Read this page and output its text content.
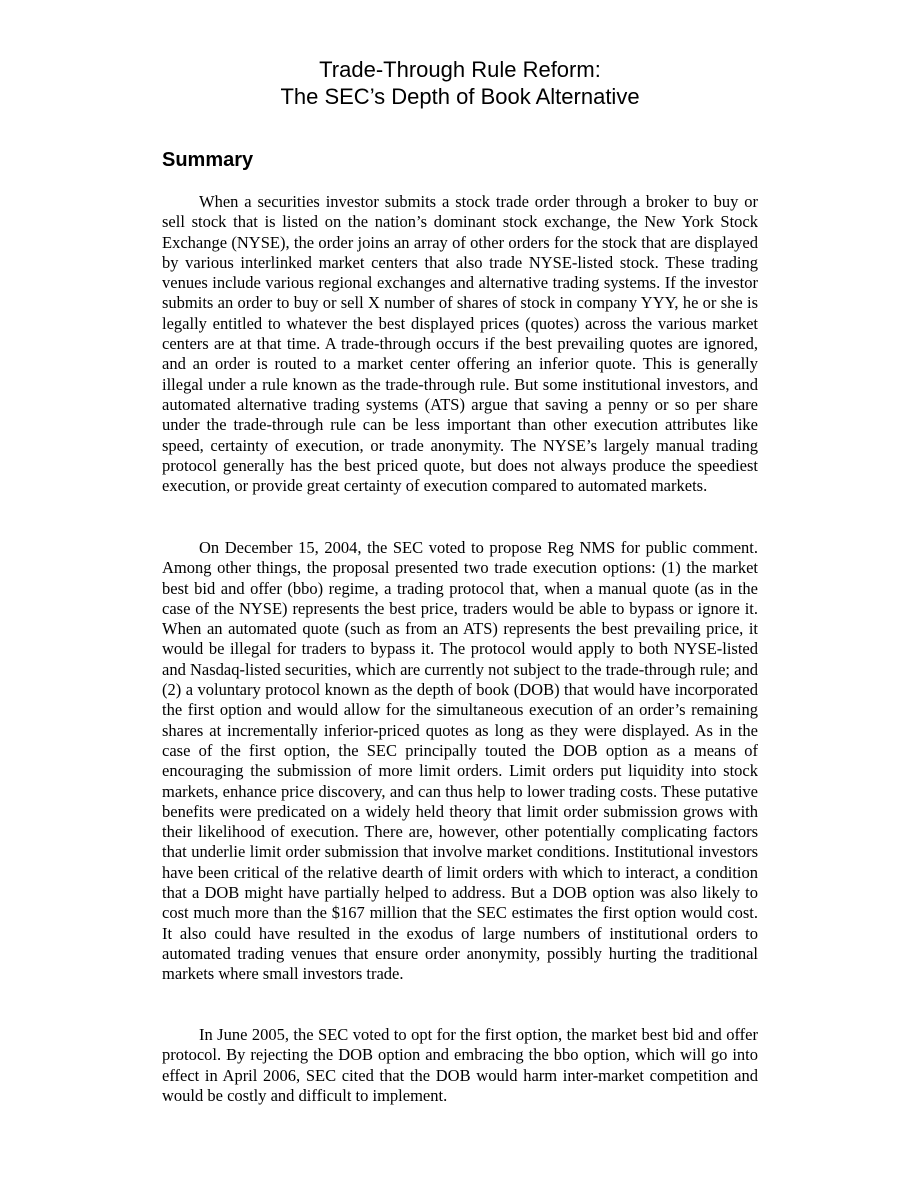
Trade-Through Rule Reform:
The SEC’s Depth of Book Alternative
Summary

When a securities investor submits a stock trade order through a broker to buy or sell stock that is listed on the nation’s dominant stock exchange, the New York Stock Exchange (NYSE), the order joins an array of other orders for the stock that are displayed by various interlinked market centers that also trade NYSE-listed stock. These trading venues include various regional exchanges and alternative trading systems. If the investor submits an order to buy or sell X number of shares of stock in company YYY, he or she is legally entitled to whatever the best displayed prices (quotes) across the various market centers are at that time. A trade-through occurs if the best prevailing quotes are ignored, and an order is routed to a market center offering an inferior quote. This is generally illegal under a rule known as the trade-through rule. But some institutional investors, and automated alternative trading systems (ATS) argue that saving a penny or so per share under the trade-through rule can be less important than other execution attributes like speed, certainty of execution, or trade anonymity. The NYSE’s largely manual trading protocol generally has the best priced quote, but does not always produce the speediest execution, or provide great certainty of execution compared to automated markets.

On December 15, 2004, the SEC voted to propose Reg NMS for public comment. Among other things, the proposal presented two trade execution options: (1) the market best bid and offer (bbo) regime, a trading protocol that, when a manual quote (as in the case of the NYSE) represents the best price, traders would be able to bypass or ignore it. When an automated quote (such as from an ATS) represents the best prevailing price, it would be illegal for traders to bypass it. The protocol would apply to both NYSE-listed and Nasdaq-listed securities, which are currently not subject to the trade-through rule; and (2) a voluntary protocol known as the depth of book (DOB) that would have incorporated the first option and would allow for the simultaneous execution of an order’s remaining shares at incrementally inferior-priced quotes as long as they were displayed. As in the case of the first option, the SEC principally touted the DOB option as a means of encouraging the submission of more limit orders. Limit orders put liquidity into stock markets, enhance price discovery, and can thus help to lower trading costs. These putative benefits were predicated on a widely held theory that limit order submission grows with their likelihood of execution. There are, however, other potentially complicating factors that underlie limit order submission that involve market conditions. Institutional investors have been critical of the relative dearth of limit orders with which to interact, a condition that a DOB might have partially helped to address. But a DOB option was also likely to cost much more than the $167 million that the SEC estimates the first option would cost. It also could have resulted in the exodus of large numbers of institutional orders to automated trading venues that ensure order anonymity, possibly hurting the traditional markets where small investors trade.

In June 2005, the SEC voted to opt for the first option, the market best bid and offer protocol. By rejecting the DOB option and embracing the bbo option, which will go into effect in April 2006, SEC cited that the DOB would harm inter-market competition and would be costly and difficult to implement.
